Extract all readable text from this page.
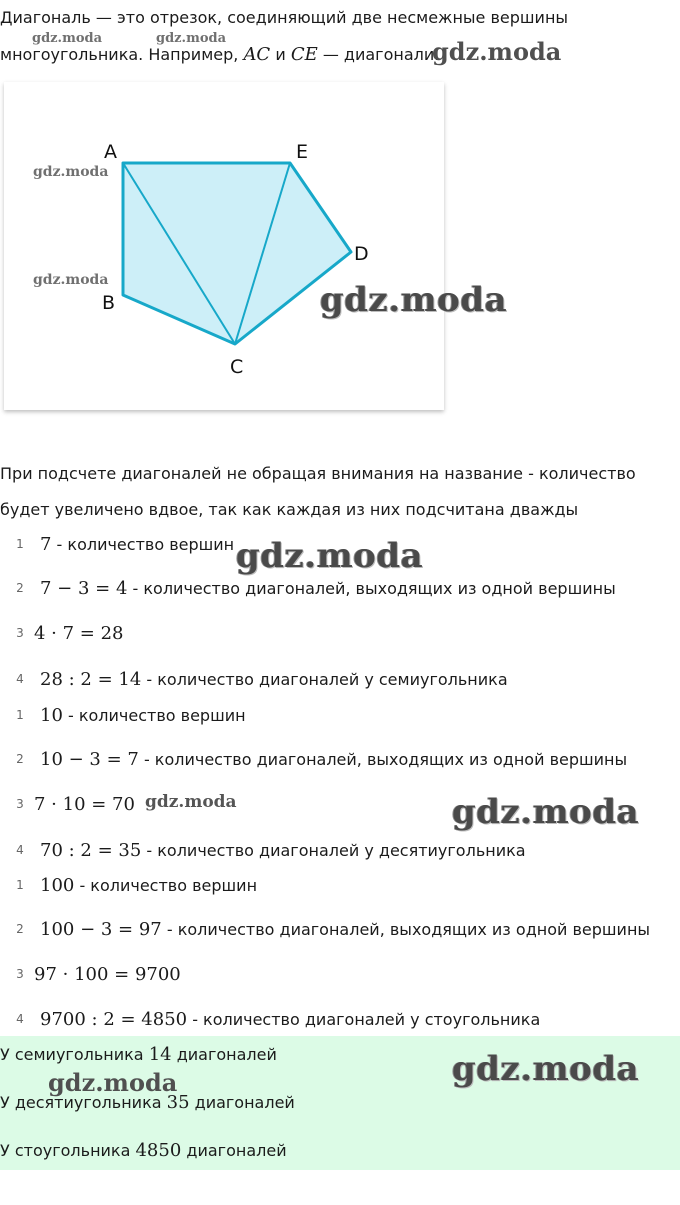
Диагональ — это отрезок, соединяющий две несмежные вершины
многоугольника. Например, AC и CE — диагонали.
A	E
D
B
C
При подсчете диагоналей не обращая внимания на название - количество
будет увеличено вдвое, так как каждая из них подсчитана дважды
1 7 - количество вершин
2 7 − 3 = 4 - количество диагоналей, выходящих из одной вершины
3 4 · 7 = 28
4 28 : 2 = 14 - количество диагоналей у семиугольника
1 10 - количество вершин
2 10 − 3 = 7 - количество диагоналей, выходящих из одной вершины
3 7 · 10 = 70
4 70 : 2 = 35 - количество диагоналей у десятиугольника
1 100 - количество вершин
2 100 − 3 = 97 - количество диагоналей, выходящих из одной вершины
3 97 · 100 = 9700
4 9700 : 2 = 4850 - количество диагоналей у стоугольника
У семиугольника 14 диагоналей
У десятиугольника 35 диагоналей
У стоугольника 4850 диагоналей
gdz.moda	gdz.moda	gdz.moda
gdz.moda
gdz.moda	gdz.moda
gdz.moda
gdz.moda	gdz.moda
gdz.moda
gdz.moda
